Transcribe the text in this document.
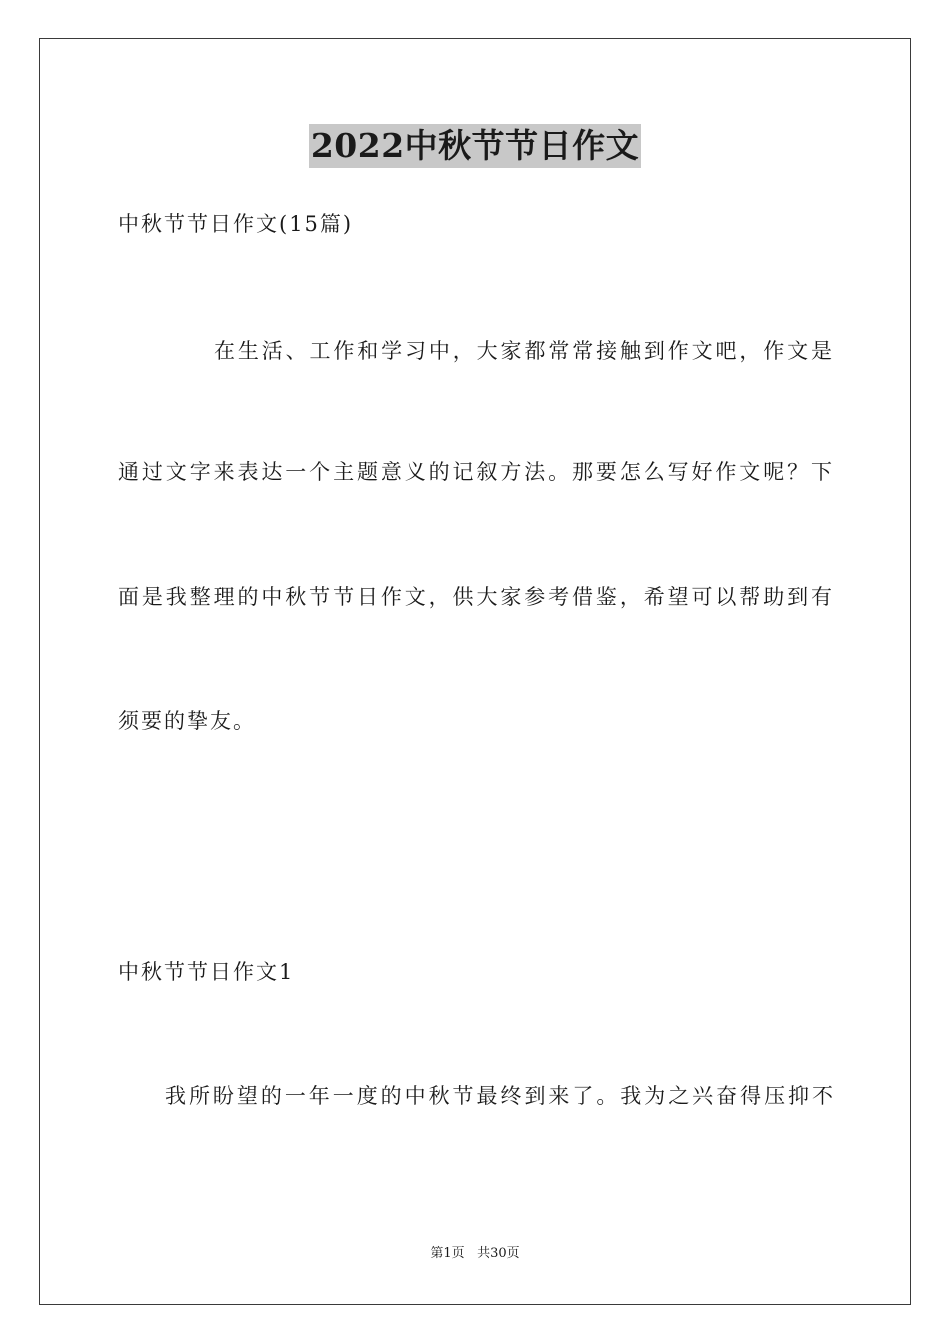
2022中秋节节日作文
中秋节节日作文(15篇)
在生活、工作和学习中，大家都常常接触到作文吧，作文是
通过文字来表达一个主题意义的记叙方法。那要怎么写好作文呢？下
面是我整理的中秋节节日作文，供大家参考借鉴，希望可以帮助到有
须要的挚友。
中秋节节日作文1
我所盼望的一年一度的中秋节最终到来了。我为之兴奋得压抑不
第1页 共30页
